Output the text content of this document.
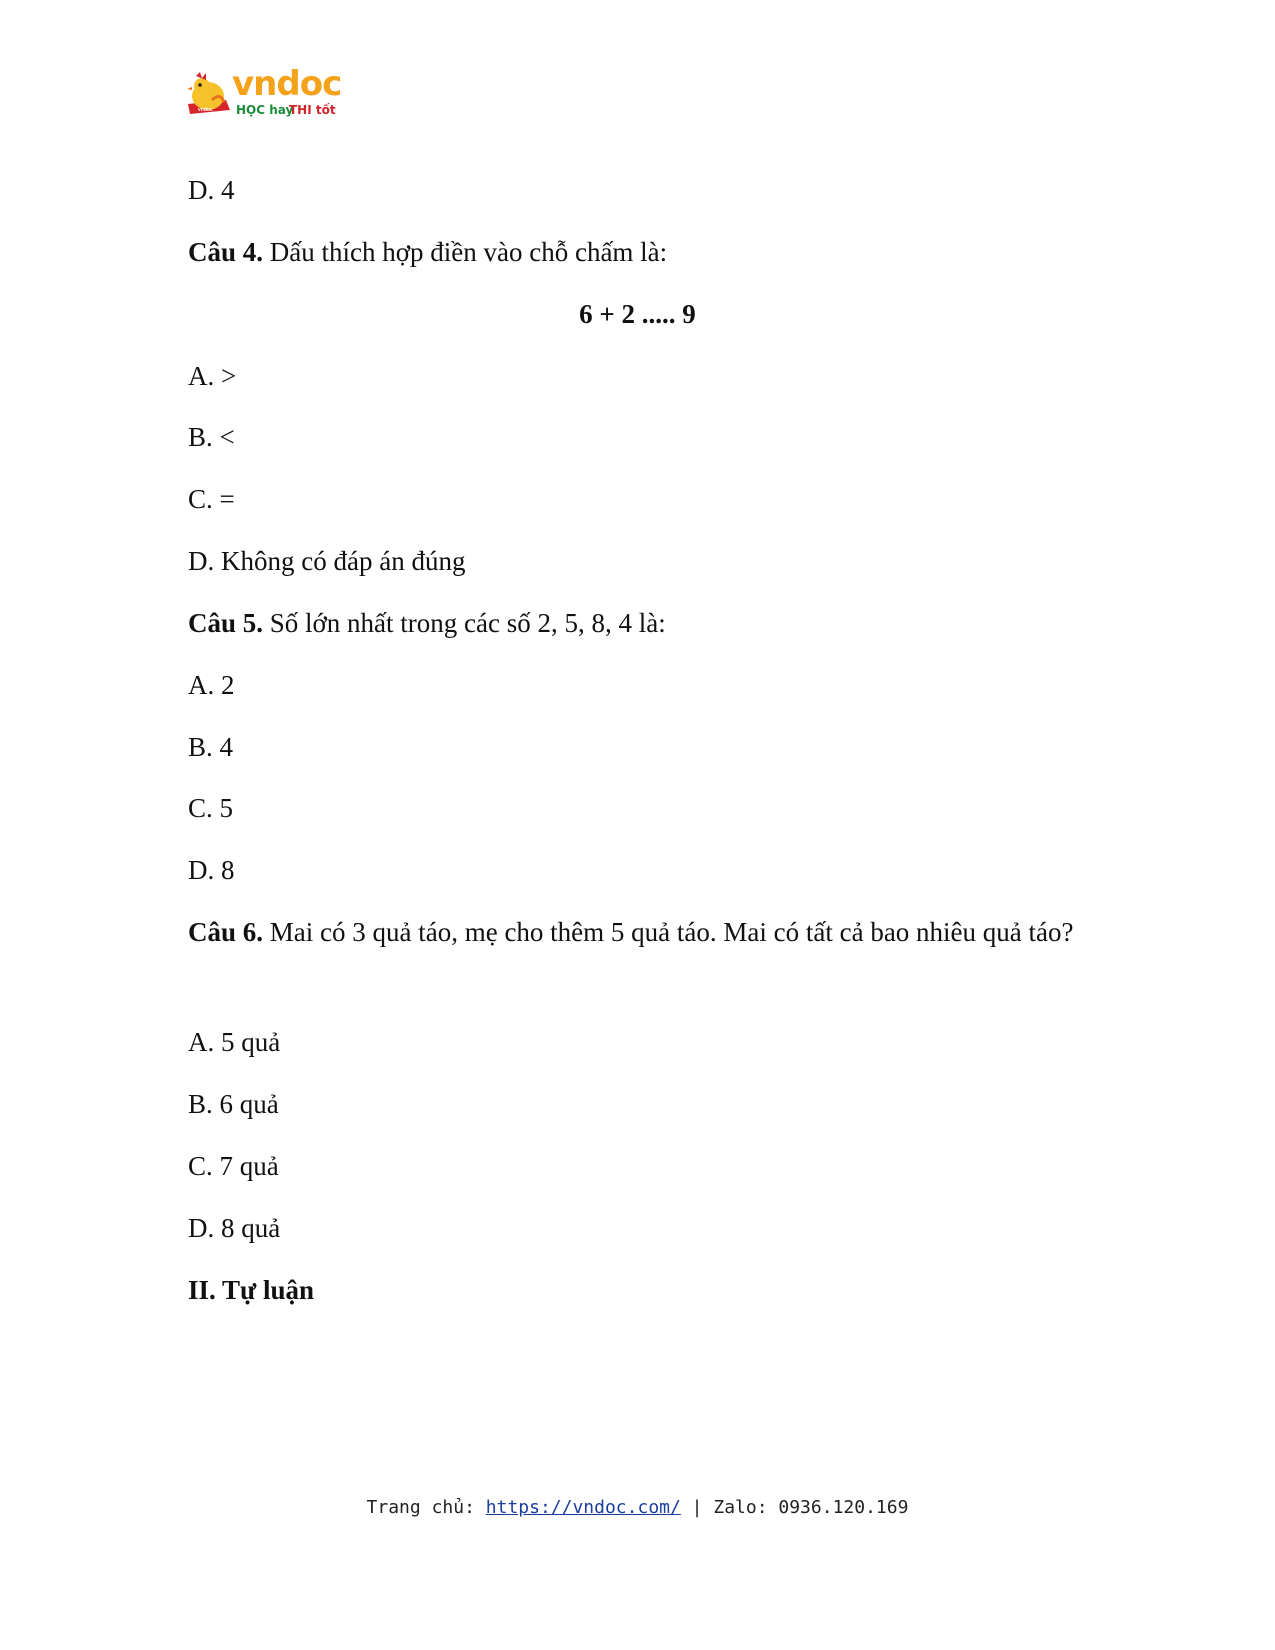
vndoc
vndoc
HỌC hay
THI tốt
D. 4
Câu 4. Dấu thích hợp điền vào chỗ chấm là:
6 + 2 ..... 9
A. >
B. <
C. =
D. Không có đáp án đúng
Câu 5. Số lớn nhất trong các số 2, 5, 8, 4 là:
A. 2
B. 4
C. 5
D. 8
Câu 6. Mai có 3 quả táo, mẹ cho thêm 5 quả táo. Mai có tất cả bao nhiêu quả táo?
A. 5 quả
B. 6 quả
C. 7 quả
D. 8 quả
II. Tự luận
Trang chủ: https://vndoc.com/ | Zalo: 0936.120.169
